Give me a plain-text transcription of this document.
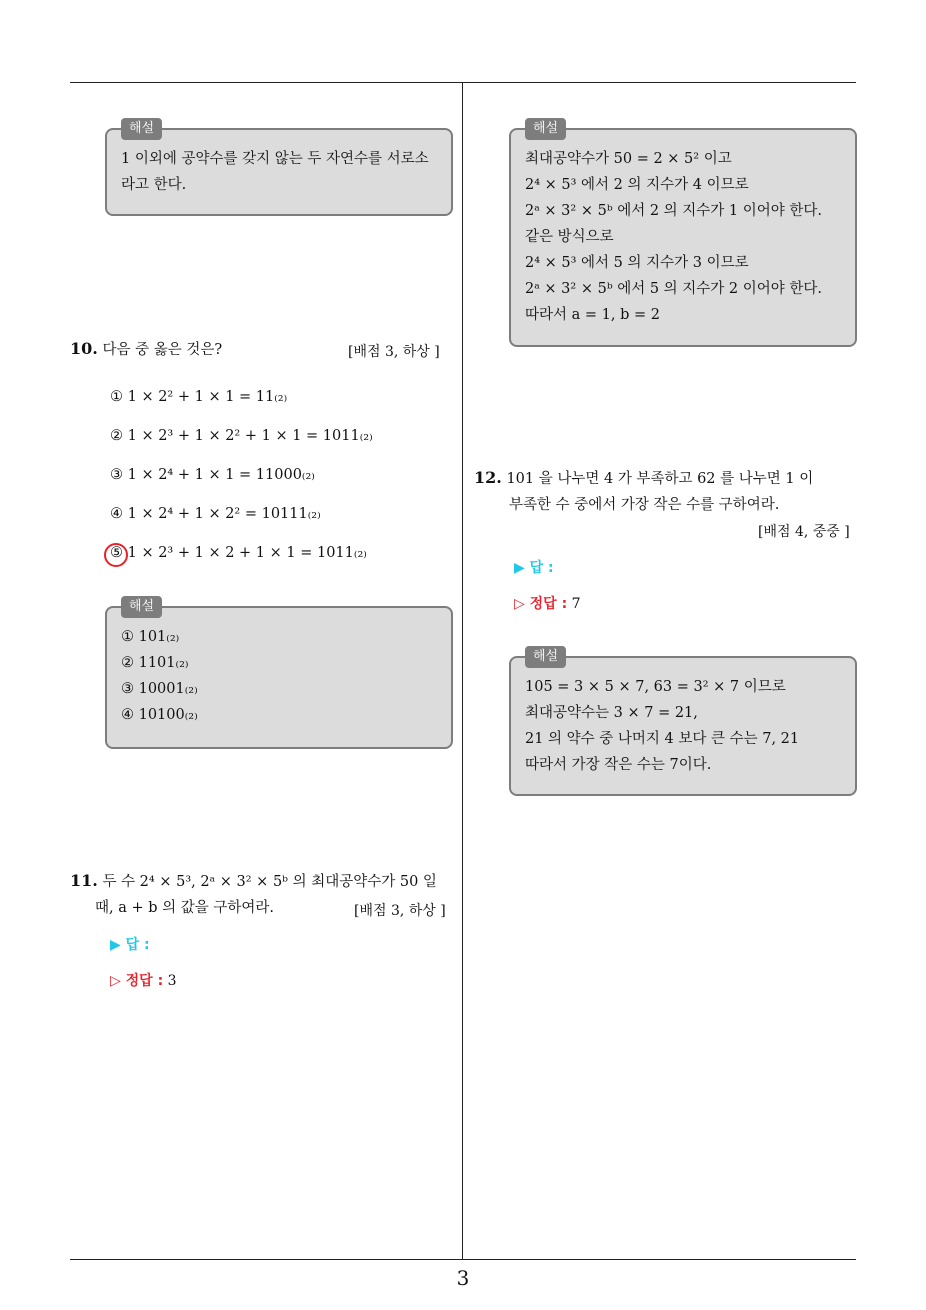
3
해설
1 이외에 공약수를 갖지 않는 두 자연수를 서로소
라고 한다.
10. 다음 중 옳은 것은?	[배점 3, 하상 ]
① 1 × 2² + 1 × 1 = 11₍₂₎
② 1 × 2³ + 1 × 2² + 1 × 1 = 1011₍₂₎
③ 1 × 2⁴ + 1 × 1 = 11000₍₂₎
④ 1 × 2⁴ + 1 × 2² = 10111₍₂₎
⑤ 1 × 2³ + 1 × 2 + 1 × 1 = 1011₍₂₎
해설
① 101₍₂₎
② 1101₍₂₎
③ 10001₍₂₎
④ 10100₍₂₎
11. 두 수 2⁴ × 5³, 2ᵃ × 3² × 5ᵇ 의 최대공약수가 50 일
때, a + b 의 값을 구하여라.	[배점 3, 하상 ]
▶ 답 :
▷ 정답 : 3
해설
최대공약수가 50 = 2 × 5² 이고
2⁴ × 5³ 에서 2 의 지수가 4 이므로
2ᵃ × 3² × 5ᵇ 에서 2 의 지수가 1 이어야 한다.
같은 방식으로
2⁴ × 5³ 에서 5 의 지수가 3 이므로
2ᵃ × 3² × 5ᵇ 에서 5 의 지수가 2 이어야 한다.
따라서 a = 1, b = 2
12. 101 을 나누면 4 가 부족하고 62 를 나누면 1 이
부족한 수 중에서 가장 작은 수를 구하여라.
[배점 4, 중중 ]
▶ 답 :
▷ 정답 : 7
해설
105 = 3 × 5 × 7, 63 = 3² × 7 이므로
최대공약수는 3 × 7 = 21,
21 의 약수 중 나머지 4 보다 큰 수는 7, 21
따라서 가장 작은 수는 7이다.
